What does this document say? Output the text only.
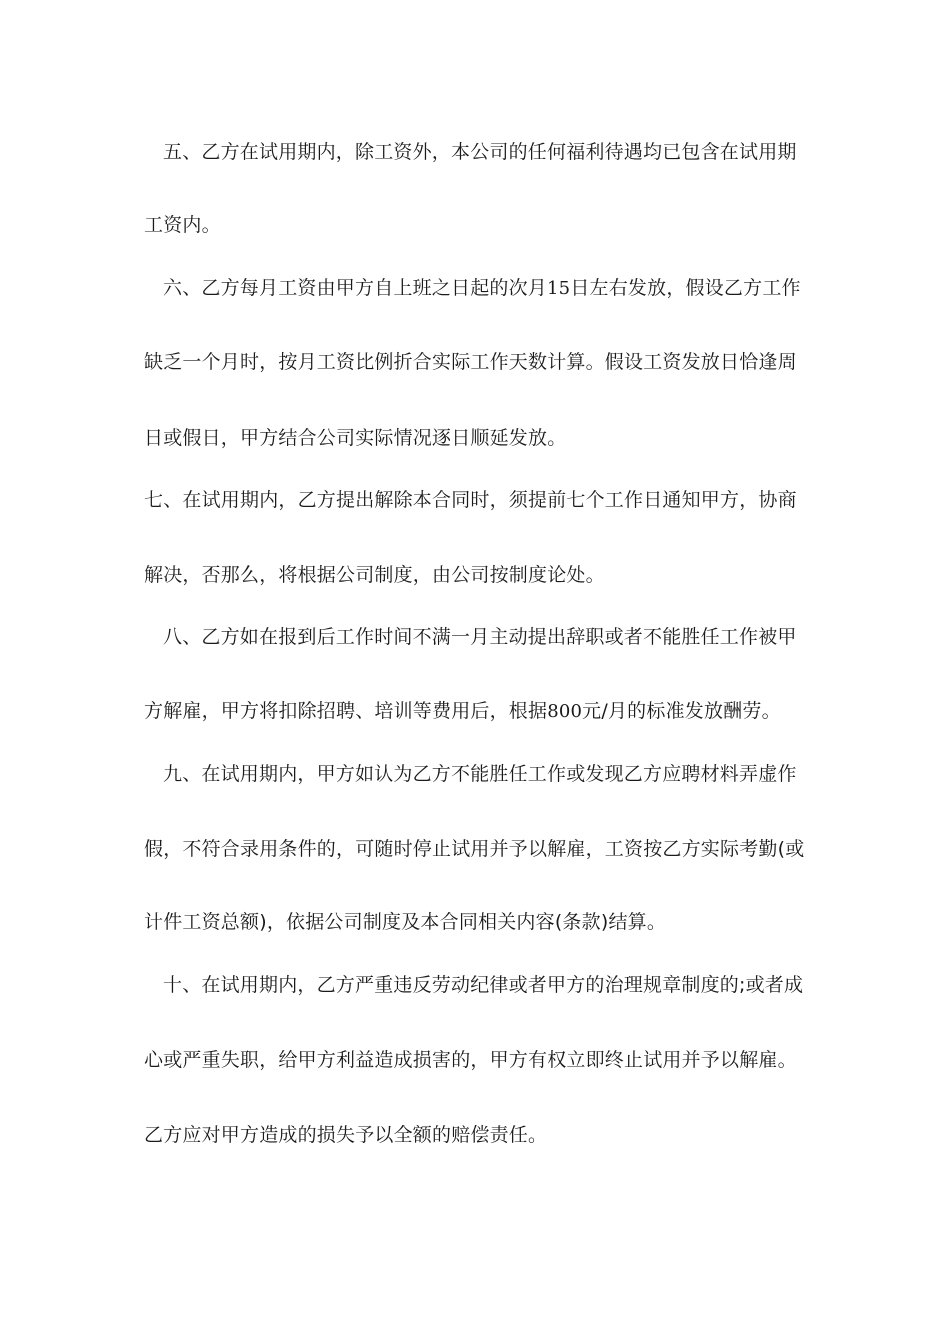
五、乙方在试用期内，除工资外，本公司的任何福利待遇均已包含在试用期
工资内。
六、乙方每月工资由甲方自上班之日起的次月15日左右发放，假设乙方工作
缺乏一个月时，按月工资比例折合实际工作天数计算。假设工资发放日恰逢周
日或假日，甲方结合公司实际情况逐日顺延发放。
七、在试用期内，乙方提出解除本合同时，须提前七个工作日通知甲方，协商
解决，否那么，将根据公司制度，由公司按制度论处。
八、乙方如在报到后工作时间不满一月主动提出辞职或者不能胜任工作被甲
方解雇，甲方将扣除招聘、培训等费用后，根据800元/月的标准发放酬劳。
九、在试用期内，甲方如认为乙方不能胜任工作或发现乙方应聘材料弄虚作
假，不符合录用条件的，可随时停止试用并予以解雇，工资按乙方实际考勤(或
计件工资总额)，依据公司制度及本合同相关内容(条款)结算。
十、在试用期内，乙方严重违反劳动纪律或者甲方的治理规章制度的;或者成
心或严重失职，给甲方利益造成损害的，甲方有权立即终止试用并予以解雇。
乙方应对甲方造成的损失予以全额的赔偿责任。
